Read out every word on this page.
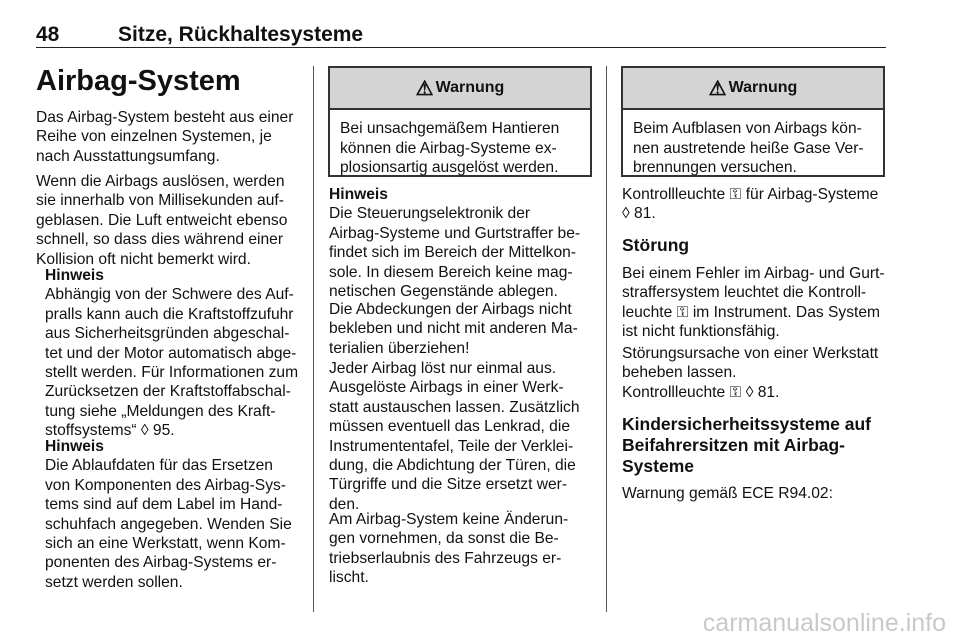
48	Sitze, Rückhaltesysteme
Airbag-System
Das Airbag-System besteht aus einer
Reihe von einzelnen Systemen, je
nach Ausstattungsumfang.
Wenn die Airbags auslösen, werden
sie innerhalb von Millisekunden auf-
geblasen. Die Luft entweicht ebenso
schnell, so dass dies während einer
Kollision oft nicht bemerkt wird.
Hinweis
Abhängig von der Schwere des Auf-
pralls kann auch die Kraftstoffzufuhr
aus Sicherheitsgründen abgeschal-
tet und der Motor automatisch abge-
stellt werden. Für Informationen zum
Zurücksetzen der Kraftstoffabschal-
tung siehe „Meldungen des Kraft-
stoffsystems“ ◊ 95.
Hinweis
Die Ablaufdaten für das Ersetzen
von Komponenten des Airbag-Sys-
tems sind auf dem Label im Hand-
schuhfach angegeben. Wenden Sie
sich an eine Werkstatt, wenn Kom-
ponenten des Airbag-Systems er-
setzt werden sollen.
⚠ Warnung
Bei unsachgemäßem Hantieren
können die Airbag-Systeme ex-
plosionsartig ausgelöst werden.
Hinweis
Die Steuerungselektronik der
Airbag-Systeme und Gurtstraffer be-
findet sich im Bereich der Mittelkon-
sole. In diesem Bereich keine mag-
netischen Gegenstände ablegen.
Die Abdeckungen der Airbags nicht
bekleben und nicht mit anderen Ma-
terialien überziehen!
Jeder Airbag löst nur einmal aus.
Ausgelöste Airbags in einer Werk-
statt austauschen lassen. Zusätzlich
müssen eventuell das Lenkrad, die
Instrumententafel, Teile der Verklei-
dung, die Abdichtung der Türen, die
Türgriffe und die Sitze ersetzt wer-
den.
Am Airbag-System keine Änderun-
gen vornehmen, da sonst die Be-
triebserlaubnis des Fahrzeugs er-
lischt.
⚠ Warnung
Beim Aufblasen von Airbags kön-
nen austretende heiße Gase Ver-
brennungen versuchen.
Kontrollleuchte ⚿ für Airbag-Systeme
◊ 81.
Störung
Bei einem Fehler im Airbag- und Gurt-
straffersystem leuchtet die Kontroll-
leuchte ⚿ im Instrument. Das System
ist nicht funktionsfähig.
Störungsursache von einer Werkstatt
beheben lassen.
Kontrollleuchte ⚿ ◊ 81.
Kindersicherheitssysteme auf
Beifahrersitzen mit Airbag-
Systeme
Warnung gemäß ECE R94.02:
carmanualsonline.info
